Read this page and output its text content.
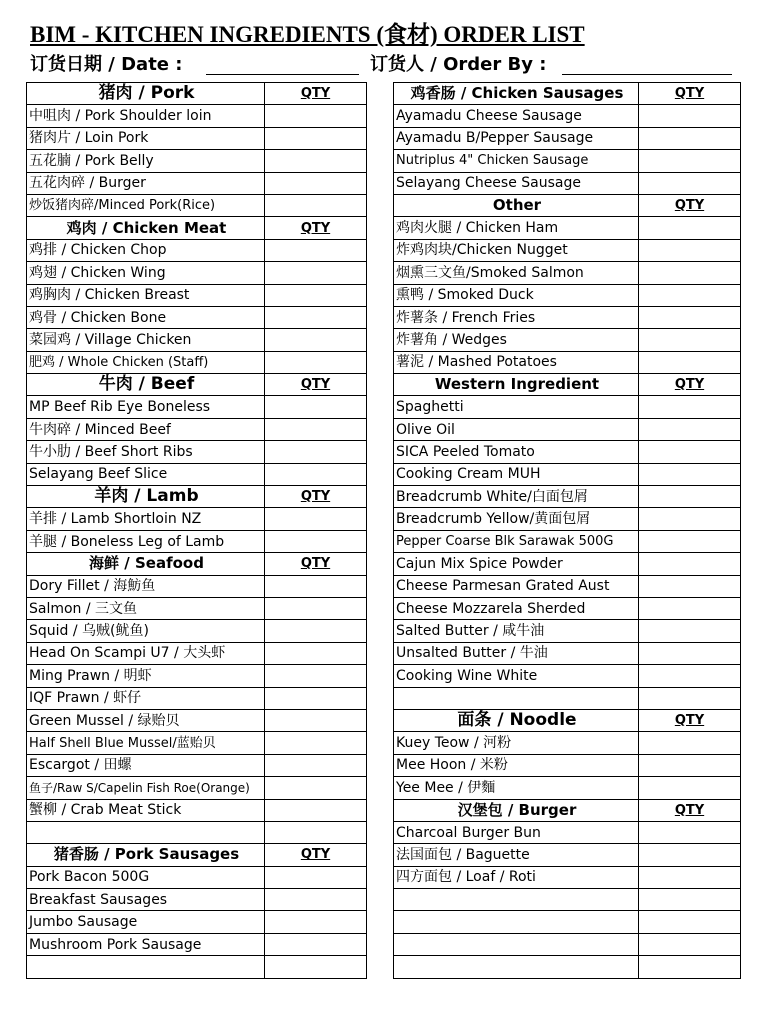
BIM - KITCHEN INGREDIENTS (食材) ORDER LIST
订货日期 / Date :	订货人 / Order By :
猪肉 / Pork	QTY
中咀肉 / Pork Shoulder loin	
猪肉片 / Loin Pork	
五花腩 / Pork Belly	
五花肉碎 / Burger	
炒饭猪肉碎/Minced Pork(Rice)	
鸡肉 / Chicken Meat	QTY
鸡排 / Chicken Chop	
鸡翅 / Chicken Wing	
鸡胸肉 / Chicken Breast	
鸡骨 / Chicken Bone	
菜园鸡 / Village Chicken	
肥鸡 / Whole Chicken (Staff)	
牛肉 / Beef	QTY
MP Beef Rib Eye Boneless	
牛肉碎 / Minced Beef	
牛小肋 / Beef Short Ribs	
Selayang Beef Slice	
羊肉 / Lamb	QTY
羊排 / Lamb Shortloin NZ	
羊腿 / Boneless Leg of Lamb	
海鲜 / Seafood	QTY
Dory Fillet / 海魴鱼	
Salmon / 三文鱼	
Squid / 乌贼(鱿鱼)	
Head On Scampi U7 / 大头虾	
Ming Prawn / 明虾	
IQF Prawn / 虾仔	
Green Mussel / 绿贻贝	
Half Shell Blue Mussel/蓝贻贝	
Escargot / 田螺	
鱼子/Raw S/Capelin Fish Roe(Orange)	
蟹柳 / Crab Meat Stick	

猪香肠 / Pork Sausages	QTY
Pork Bacon 500G	
Breakfast Sausages	
Jumbo Sausage	
Mushroom Pork Sausage	

鸡香肠 / Chicken Sausages	QTY
Ayamadu Cheese Sausage	
Ayamadu B/Pepper Sausage	
Nutriplus 4" Chicken Sausage	
Selayang Cheese Sausage	
Other	QTY
鸡肉火腿 / Chicken Ham	
炸鸡肉块/Chicken Nugget	
烟熏三文鱼/Smoked Salmon	
熏鸭 / Smoked Duck	
炸薯条 / French Fries	
炸薯角 / Wedges	
薯泥 / Mashed Potatoes	
Western Ingredient	QTY
Spaghetti	
Olive Oil	
SICA Peeled Tomato	
Cooking Cream MUH	
Breadcrumb White/白面包屑	
Breadcrumb Yellow/黄面包屑	
Pepper Coarse Blk Sarawak 500G	
Cajun Mix Spice Powder	
Cheese Parmesan Grated Aust	
Cheese Mozzarela Sherded	
Salted Butter / 咸牛油	
Unsalted Butter / 牛油	
Cooking Wine White	

面条 / Noodle	QTY
Kuey Teow / 河粉	
Mee Hoon / 米粉	
Yee Mee / 伊麵	
汉堡包 / Burger	QTY
Charcoal Burger Bun	
法国面包 / Baguette	
四方面包 / Loaf / Roti	
